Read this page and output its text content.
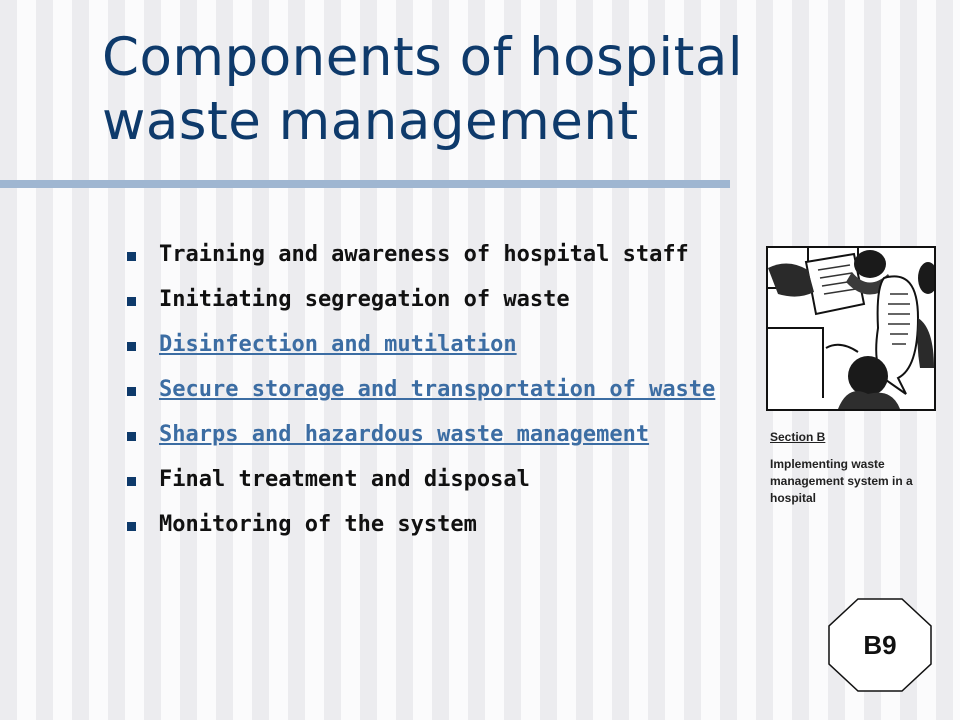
Components of hospital
waste management
Training and awareness of hospital staff
Initiating segregation of waste
Disinfection and mutilation
Secure storage and transportation of waste
Sharps and hazardous waste management
Final treatment and disposal
Monitoring of the system
Section B
Implementing waste management system in a hospital
B9
